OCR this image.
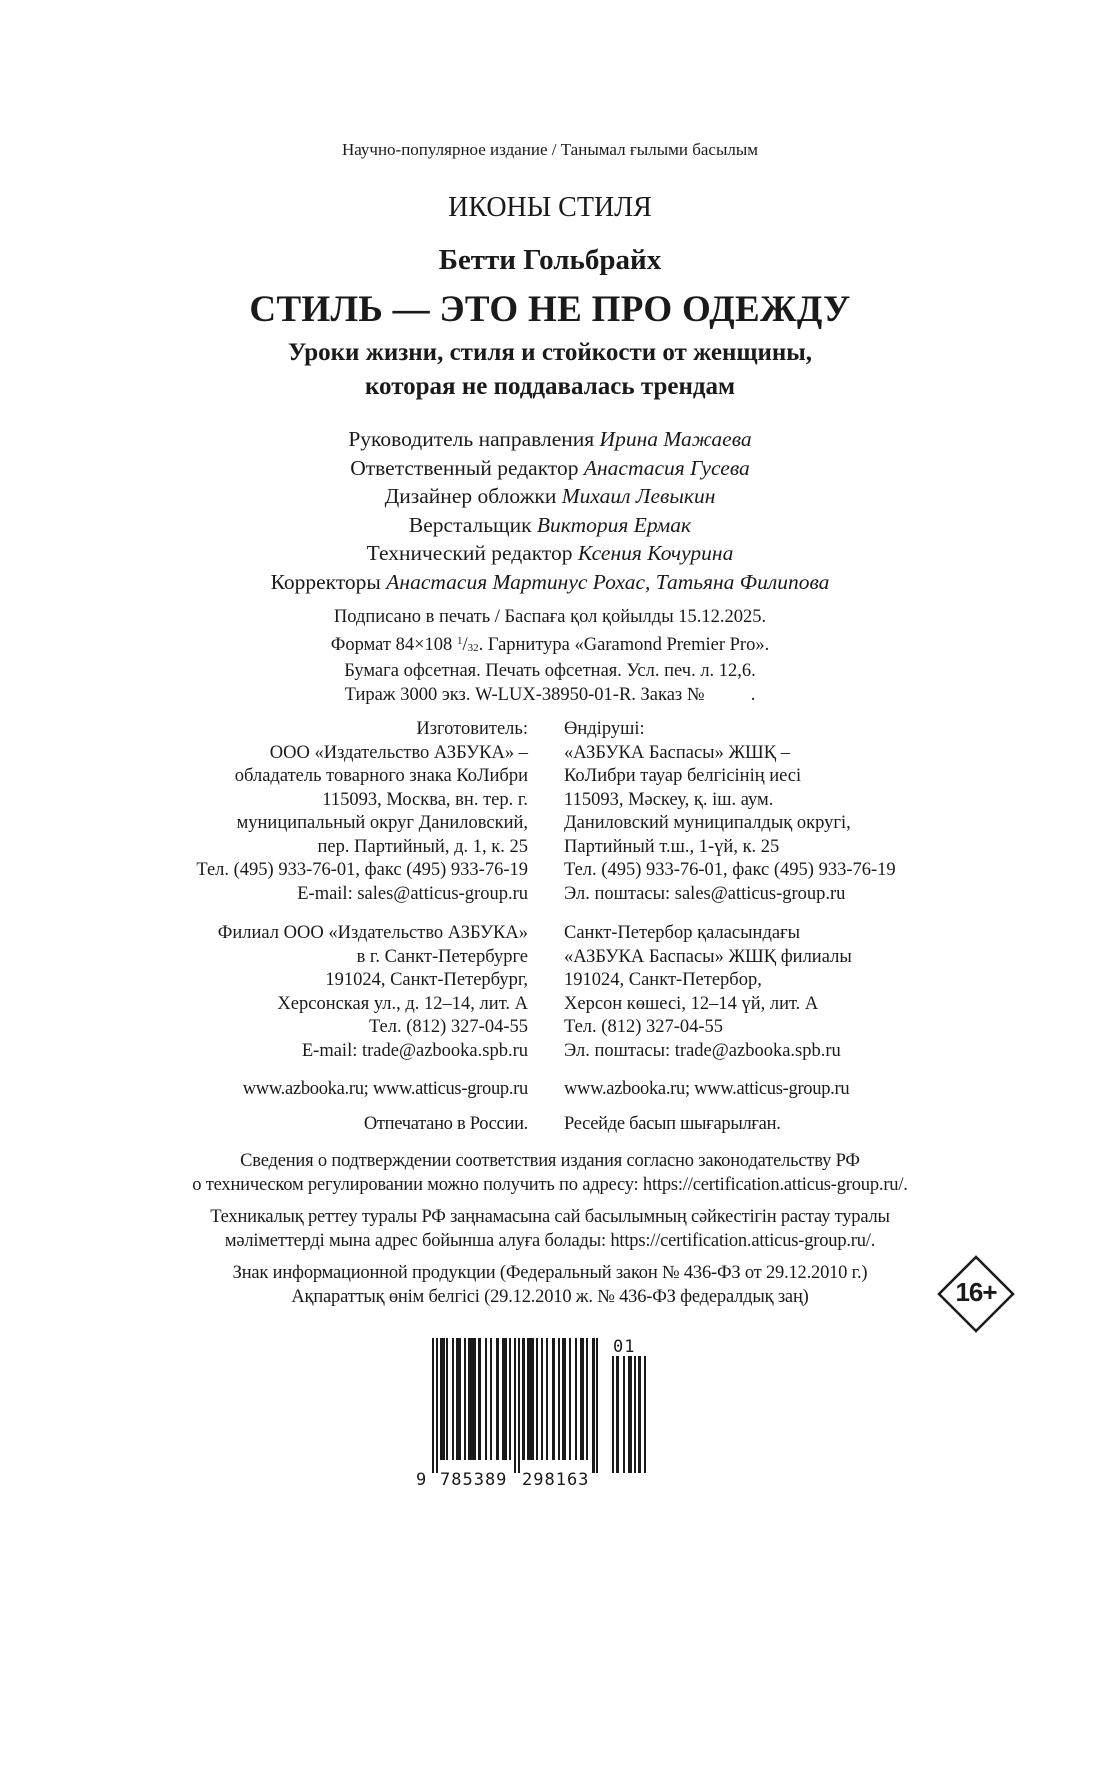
Научно-популярное издание / Танымал ғылыми басылым
ИКОНЫ СТИЛЯ
Бетти Гольбрайх
СТИЛЬ — ЭТО НЕ ПРО ОДЕЖДУ
Уроки жизни, стиля и стойкости от женщины,
которая не поддавалась трендам
Руководитель направления Ирина Мажаева
Ответственный редактор Анастасия Гусева
Дизайнер обложки Михаил Левыкин
Верстальщик Виктория Ермак
Технический редактор Ксения Кочурина
Корректоры Анастасия Мартинус Рохас, Татьяна Филипова
Подписано в печать / Баспаға қол қойылды 15.12.2025.
Формат 84×108 $^1/_{32}$. Гарнитура «Garamond Premier Pro».
Бумага офсетная. Печать офсетная. Усл. печ. л. 12,6.
Тираж 3000 экз. W-LUX-38950-01-R. Заказ №          .
Изготовитель:
ООО «Издательство АЗБУКА» –
обладатель товарного знака КоЛибри
115093, Москва, вн. тер. г.
муниципальный округ Даниловский,
пер. Партийный, д. 1, к. 25
Тел. (495) 933-76-01, факс (495) 933-76-19
E-mail: sales@atticus-group.ru
Өндіруші:
«АЗБУКА Баспасы» ЖШҚ –
КоЛибри тауар белгісінің иесі
115093, Мәскеу, қ. іш. аум.
Даниловский муниципалдық округі,
Партийный т.ш., 1-үй, к. 25
Тел. (495) 933-76-01, факс (495) 933-76-19
Эл. поштасы: sales@atticus-group.ru
Филиал ООО «Издательство АЗБУКА»
в г. Санкт-Петербурге
191024, Санкт-Петербург,
Херсонская ул., д. 12–14, лит. А
Тел. (812) 327-04-55
E-mail: trade@azbooka.spb.ru
Санкт-Петербор қаласындағы
«АЗБУКА Баспасы» ЖШҚ филиалы
191024, Санкт-Петербор,
Херсон көшесі, 12–14 үй, лит. А
Тел. (812) 327-04-55
Эл. поштасы: trade@azbooka.spb.ru
www.azbooka.ru; www.atticus-group.ru www.azbooka.ru; www.atticus-group.ru
Отпечатано в России. Ресейде басып шығарылған.
Сведения о подтверждении соответствия издания согласно законодательству РФ
о техническом регулировании можно получить по адресу: https://certification.atticus-group.ru/.
Техникалық реттеу туралы РФ заңнамасына сай басылымның сәйкестігін растау туралы
мәліметтерді мына адрес бойынша алуға болады: https://certification.atticus-group.ru/.
Знак информационной продукции (Федеральный закон № 436-ФЗ от 29.12.2010 г.)
Ақпараттық өнім белгісі (29.12.2010 ж. № 436-ФЗ федералдық заң)	16+
9 785389 298163
01
